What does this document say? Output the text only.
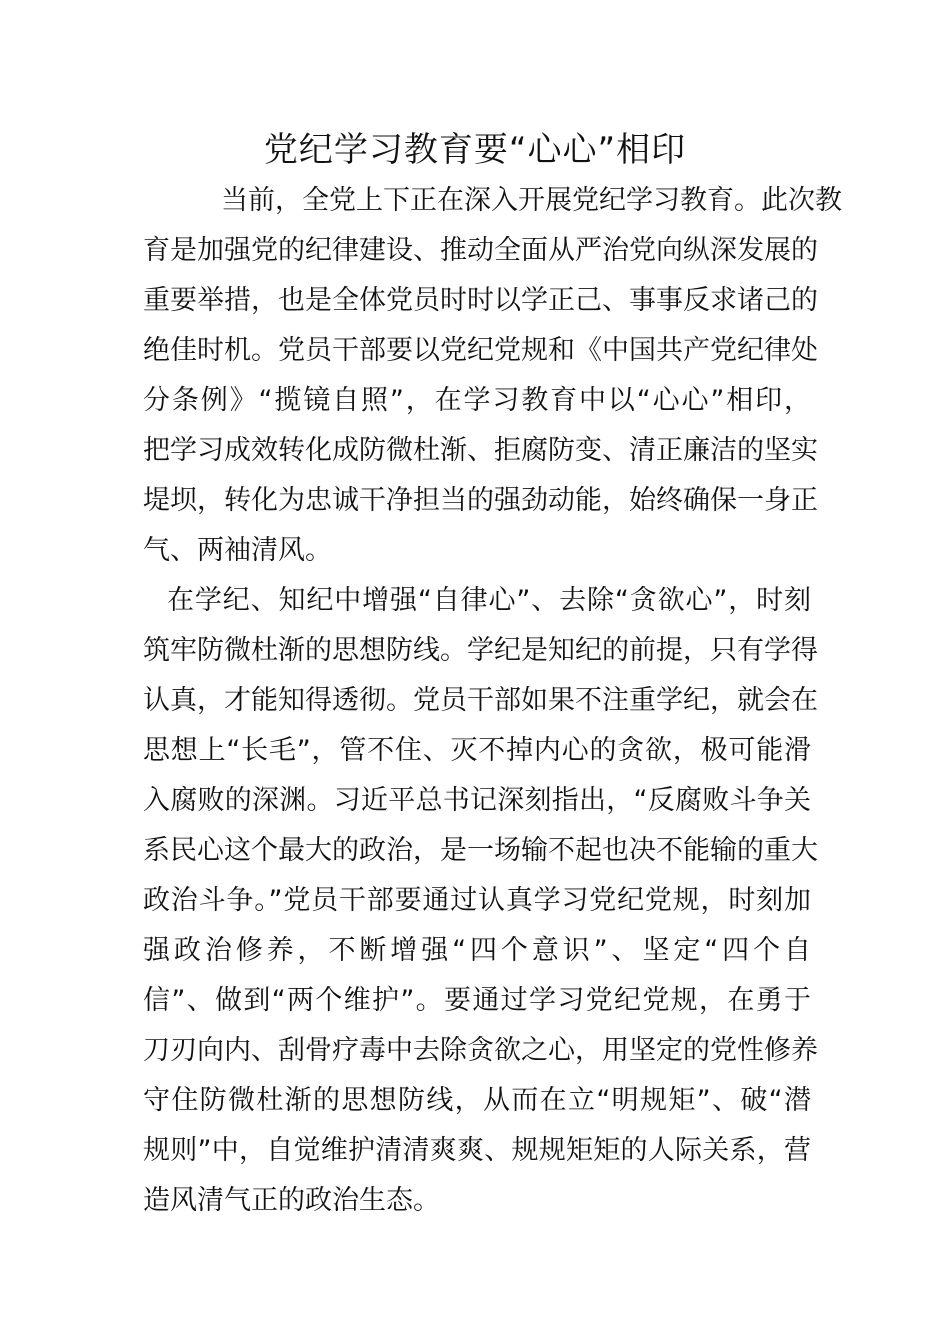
党纪学习教育要“心心”相印
当前，全党上下正在深入开展党纪学习教育。此次教
育是加强党的纪律建设、推动全面从严治党向纵深发展的
重要举措，也是全体党员时时以学正己、事事反求诸己的
绝佳时机。党员干部要以党纪党规和《中国共产党纪律处
分条例》“揽镜自照”，在学习教育中以“心心”相印，
把学习成效转化成防微杜渐、拒腐防变、清正廉洁的坚实
堤坝，转化为忠诚干净担当的强劲动能，始终确保一身正
气、两袖清风。
在学纪、知纪中增强“自律心”、去除“贪欲心”，时刻
筑牢防微杜渐的思想防线。学纪是知纪的前提，只有学得
认真，才能知得透彻。党员干部如果不注重学纪，就会在
思想上“长毛”，管不住、灭不掉内心的贪欲，极可能滑
入腐败的深渊。习近平总书记深刻指出，“反腐败斗争关
系民心这个最大的政治，是一场输不起也决不能输的重大
政治斗争。”党员干部要通过认真学习党纪党规，时刻加
强政治修养，不断增强“四个意识”、坚定“四个自
信”、做到“两个维护”。要通过学习党纪党规，在勇于
刀刃向内、刮骨疗毒中去除贪欲之心，用坚定的党性修养
守住防微杜渐的思想防线，从而在立“明规矩”、破“潜
规则”中，自觉维护清清爽爽、规规矩矩的人际关系，营
造风清气正的政治生态。
